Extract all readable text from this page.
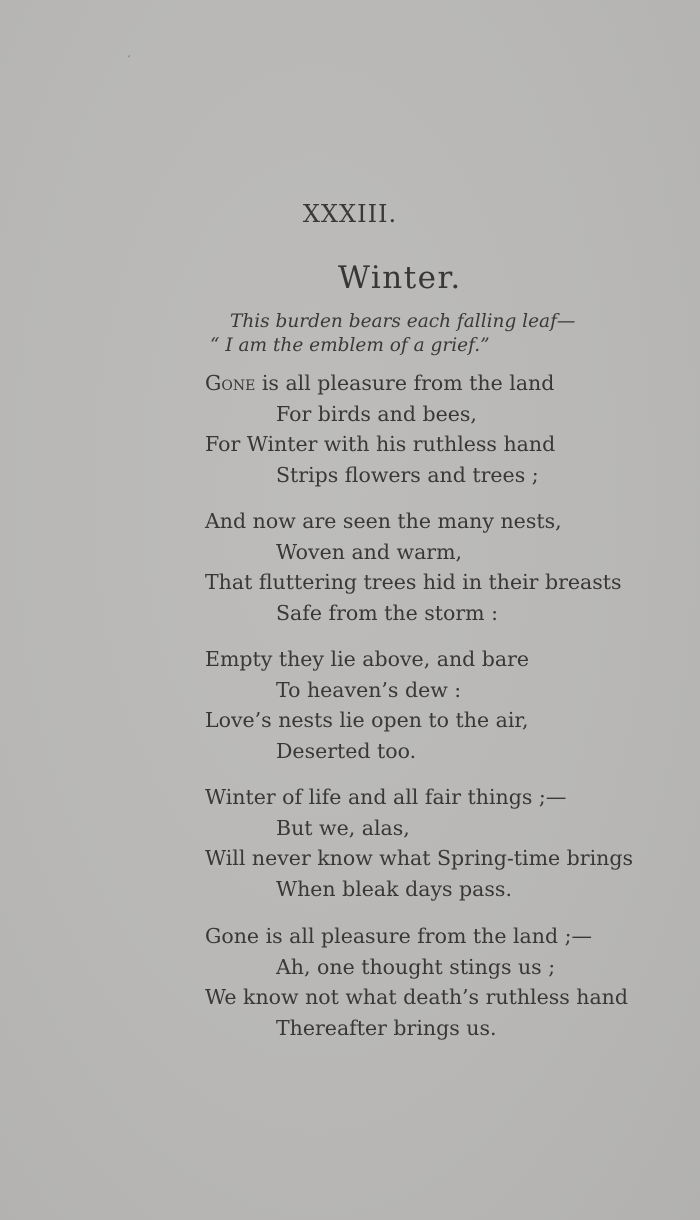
′
XXXIII.
Winter.
This burden bears each falling leaf—
“ I am the emblem of a grief.”
Gone is all pleasure from the land
For birds and bees,
For Winter with his ruthless hand
Strips flowers and trees ;
And now are seen the many nests,
Woven and warm,
That fluttering trees hid in their breasts
Safe from the storm :
Empty they lie above, and bare
To heaven’s dew :
Love’s nests lie open to the air,
Deserted too.
Winter of life and all fair things ;—
But we, alas,
Will never know what Spring-time brings
When bleak days pass.
Gone is all pleasure from the land ;—
Ah, one thought stings us ;
We know not what death’s ruthless hand
Thereafter brings us.
